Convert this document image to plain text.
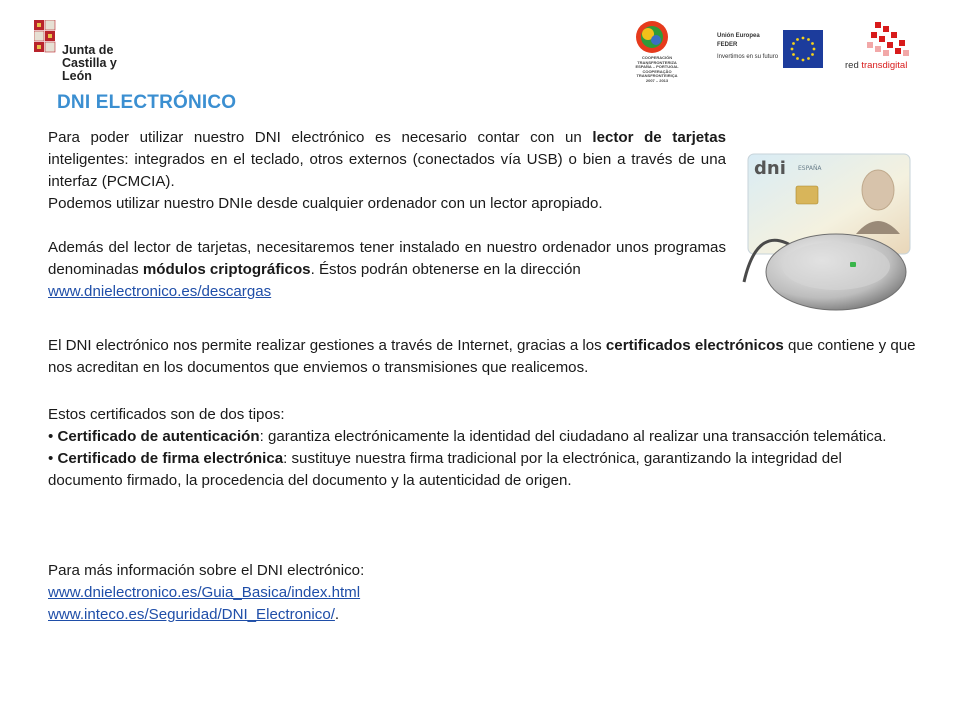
Junta de
Castilla y León
COOPERACIÓN TRANSFRONTERIZA
ESPAÑA – PORTUGAL
COOPERAÇÃO TRANSFRONTEIRIÇA
2007 – 2013
Unión Europea
FEDER
Invertimos en su futuro
red transdigital
DNI ELECTRÓNICO

Para poder utilizar nuestro DNI electrónico es necesario contar con un lector de tarjetas inteligentes: integrados en el teclado, otros externos (conectados vía USB) o bien a través de una interfaz (PCMCIA).

Podemos utilizar nuestro DNIe desde cualquier ordenador con un lector apropiado.

Además del lector de tarjetas, necesitaremos tener instalado en nuestro ordenador unos programas denominadas módulos criptográficos. Éstos podrán obtenerse en la dirección
www.dnielectronico.es/descargas

dni ESPAÑA

El DNI electrónico nos permite realizar gestiones a través de Internet, gracias a los certificados electrónicos que contiene y que nos acreditan en los documentos que enviemos o transmisiones que realicemos.

Estos certificados son de dos tipos:

• Certificado de autenticación: garantiza electrónicamente la identidad del ciudadano al realizar una transacción telemática.

• Certificado de firma electrónica: sustituye nuestra firma tradicional por la electrónica, garantizando la integridad del documento firmado, la procedencia del documento y la autenticidad de origen.

Para más información sobre el DNI electrónico:

www.dnielectronico.es/Guia_Basica/index.html

www.inteco.es/Seguridad/DNI_Electronico/.
